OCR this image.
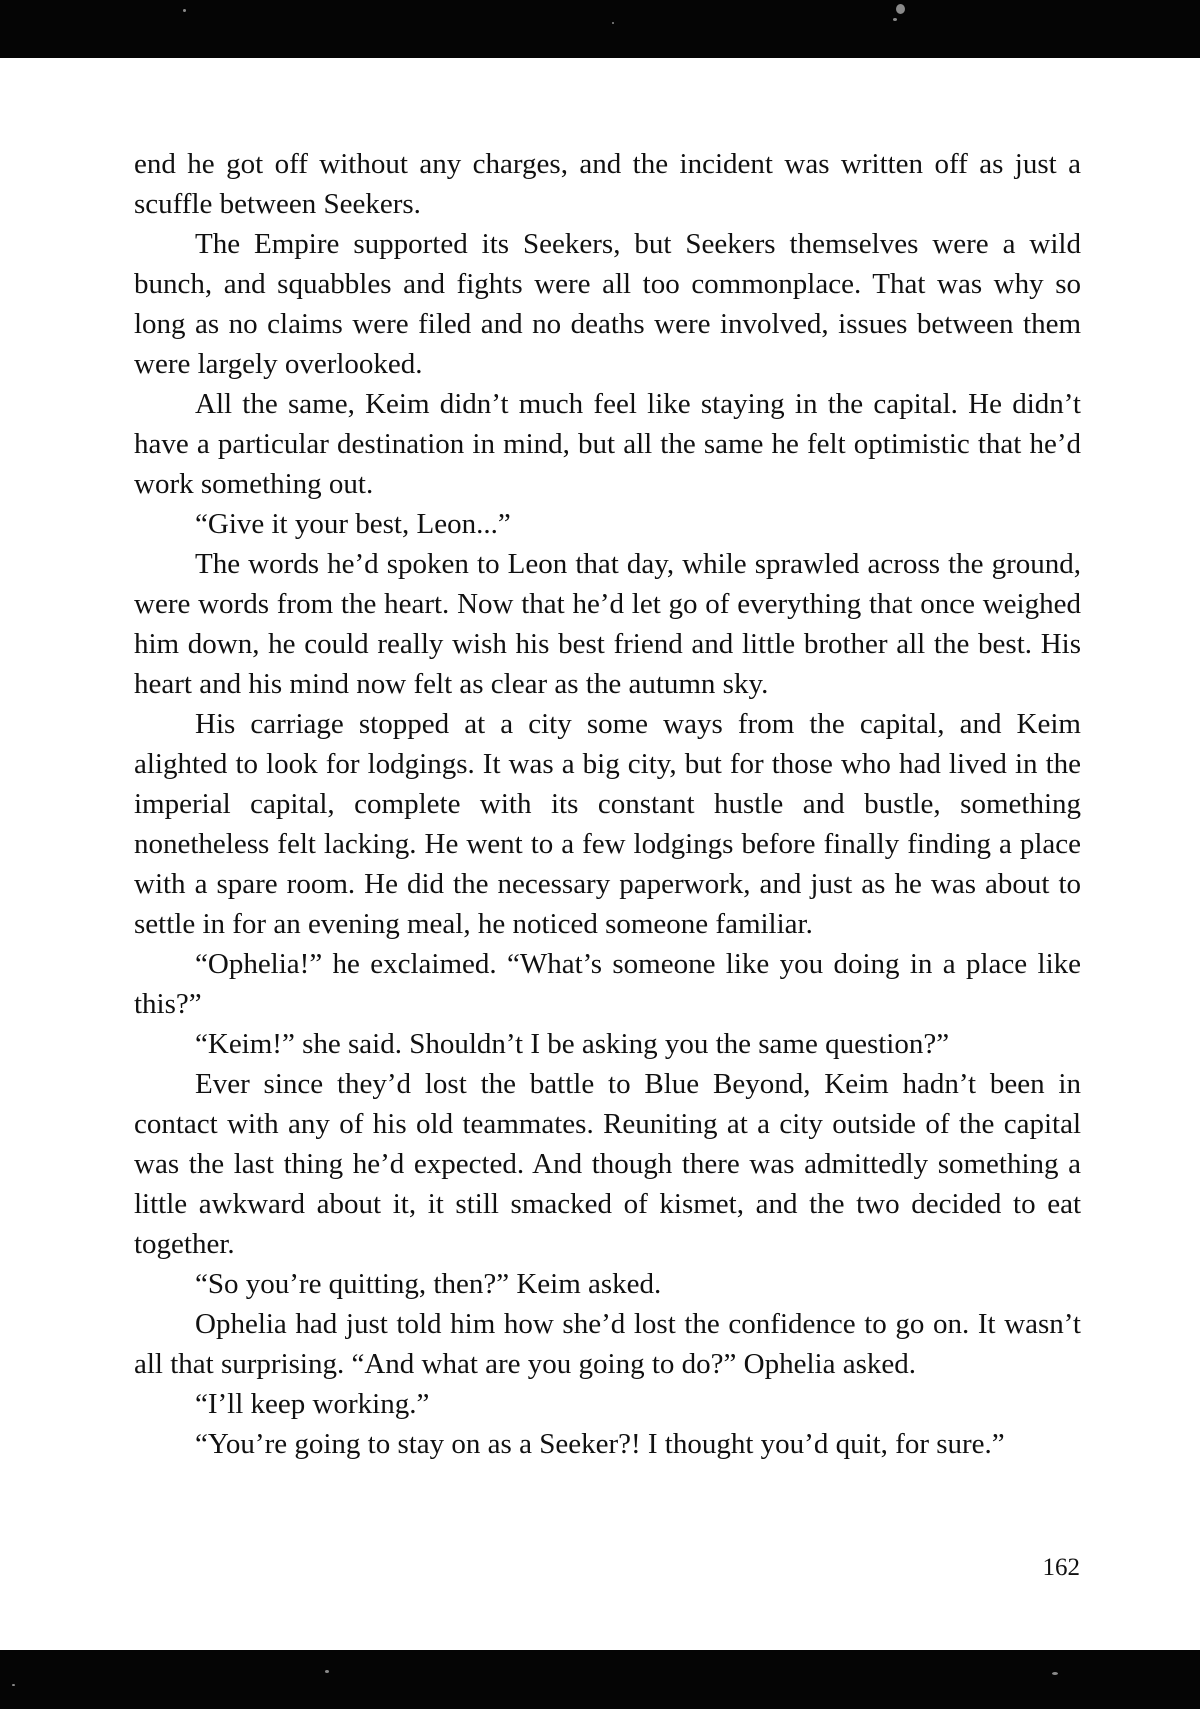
end he got off without any charges, and the incident was written off as just a scuffle between Seekers.

The Empire supported its Seekers, but Seekers themselves were a wild bunch, and squabbles and fights were all too commonplace. That was why so long as no claims were filed and no deaths were involved, issues between them were largely overlooked.

All the same, Keim didn’t much feel like staying in the capital. He didn’t have a particular destination in mind, but all the same he felt optimistic that he’d work something out.

“Give it your best, Leon...”

The words he’d spoken to Leon that day, while sprawled across the ground, were words from the heart. Now that he’d let go of everything that once weighed him down, he could really wish his best friend and little brother all the best. His heart and his mind now felt as clear as the autumn sky.

His carriage stopped at a city some ways from the capital, and Keim alighted to look for lodgings. It was a big city, but for those who had lived in the imperial capital, complete with its constant hustle and bustle, something nonetheless felt lacking. He went to a few lodgings before finally finding a place with a spare room. He did the necessary paperwork, and just as he was about to settle in for an evening meal, he noticed someone familiar.

“Ophelia!” he exclaimed. “What’s someone like you doing in a place like this?”

“Keim!” she said. Shouldn’t I be asking you the same question?”

Ever since they’d lost the battle to Blue Beyond, Keim hadn’t been in contact with any of his old teammates. Reuniting at a city outside of the capital was the last thing he’d expected. And though there was admittedly something a little awkward about it, it still smacked of kismet, and the two decided to eat together.

“So you’re quitting, then?” Keim asked.

Ophelia had just told him how she’d lost the confidence to go on. It wasn’t all that surprising. “And what are you going to do?” Ophelia asked.

“I’ll keep working.”

“You’re going to stay on as a Seeker?! I thought you’d quit, for sure.”

162
